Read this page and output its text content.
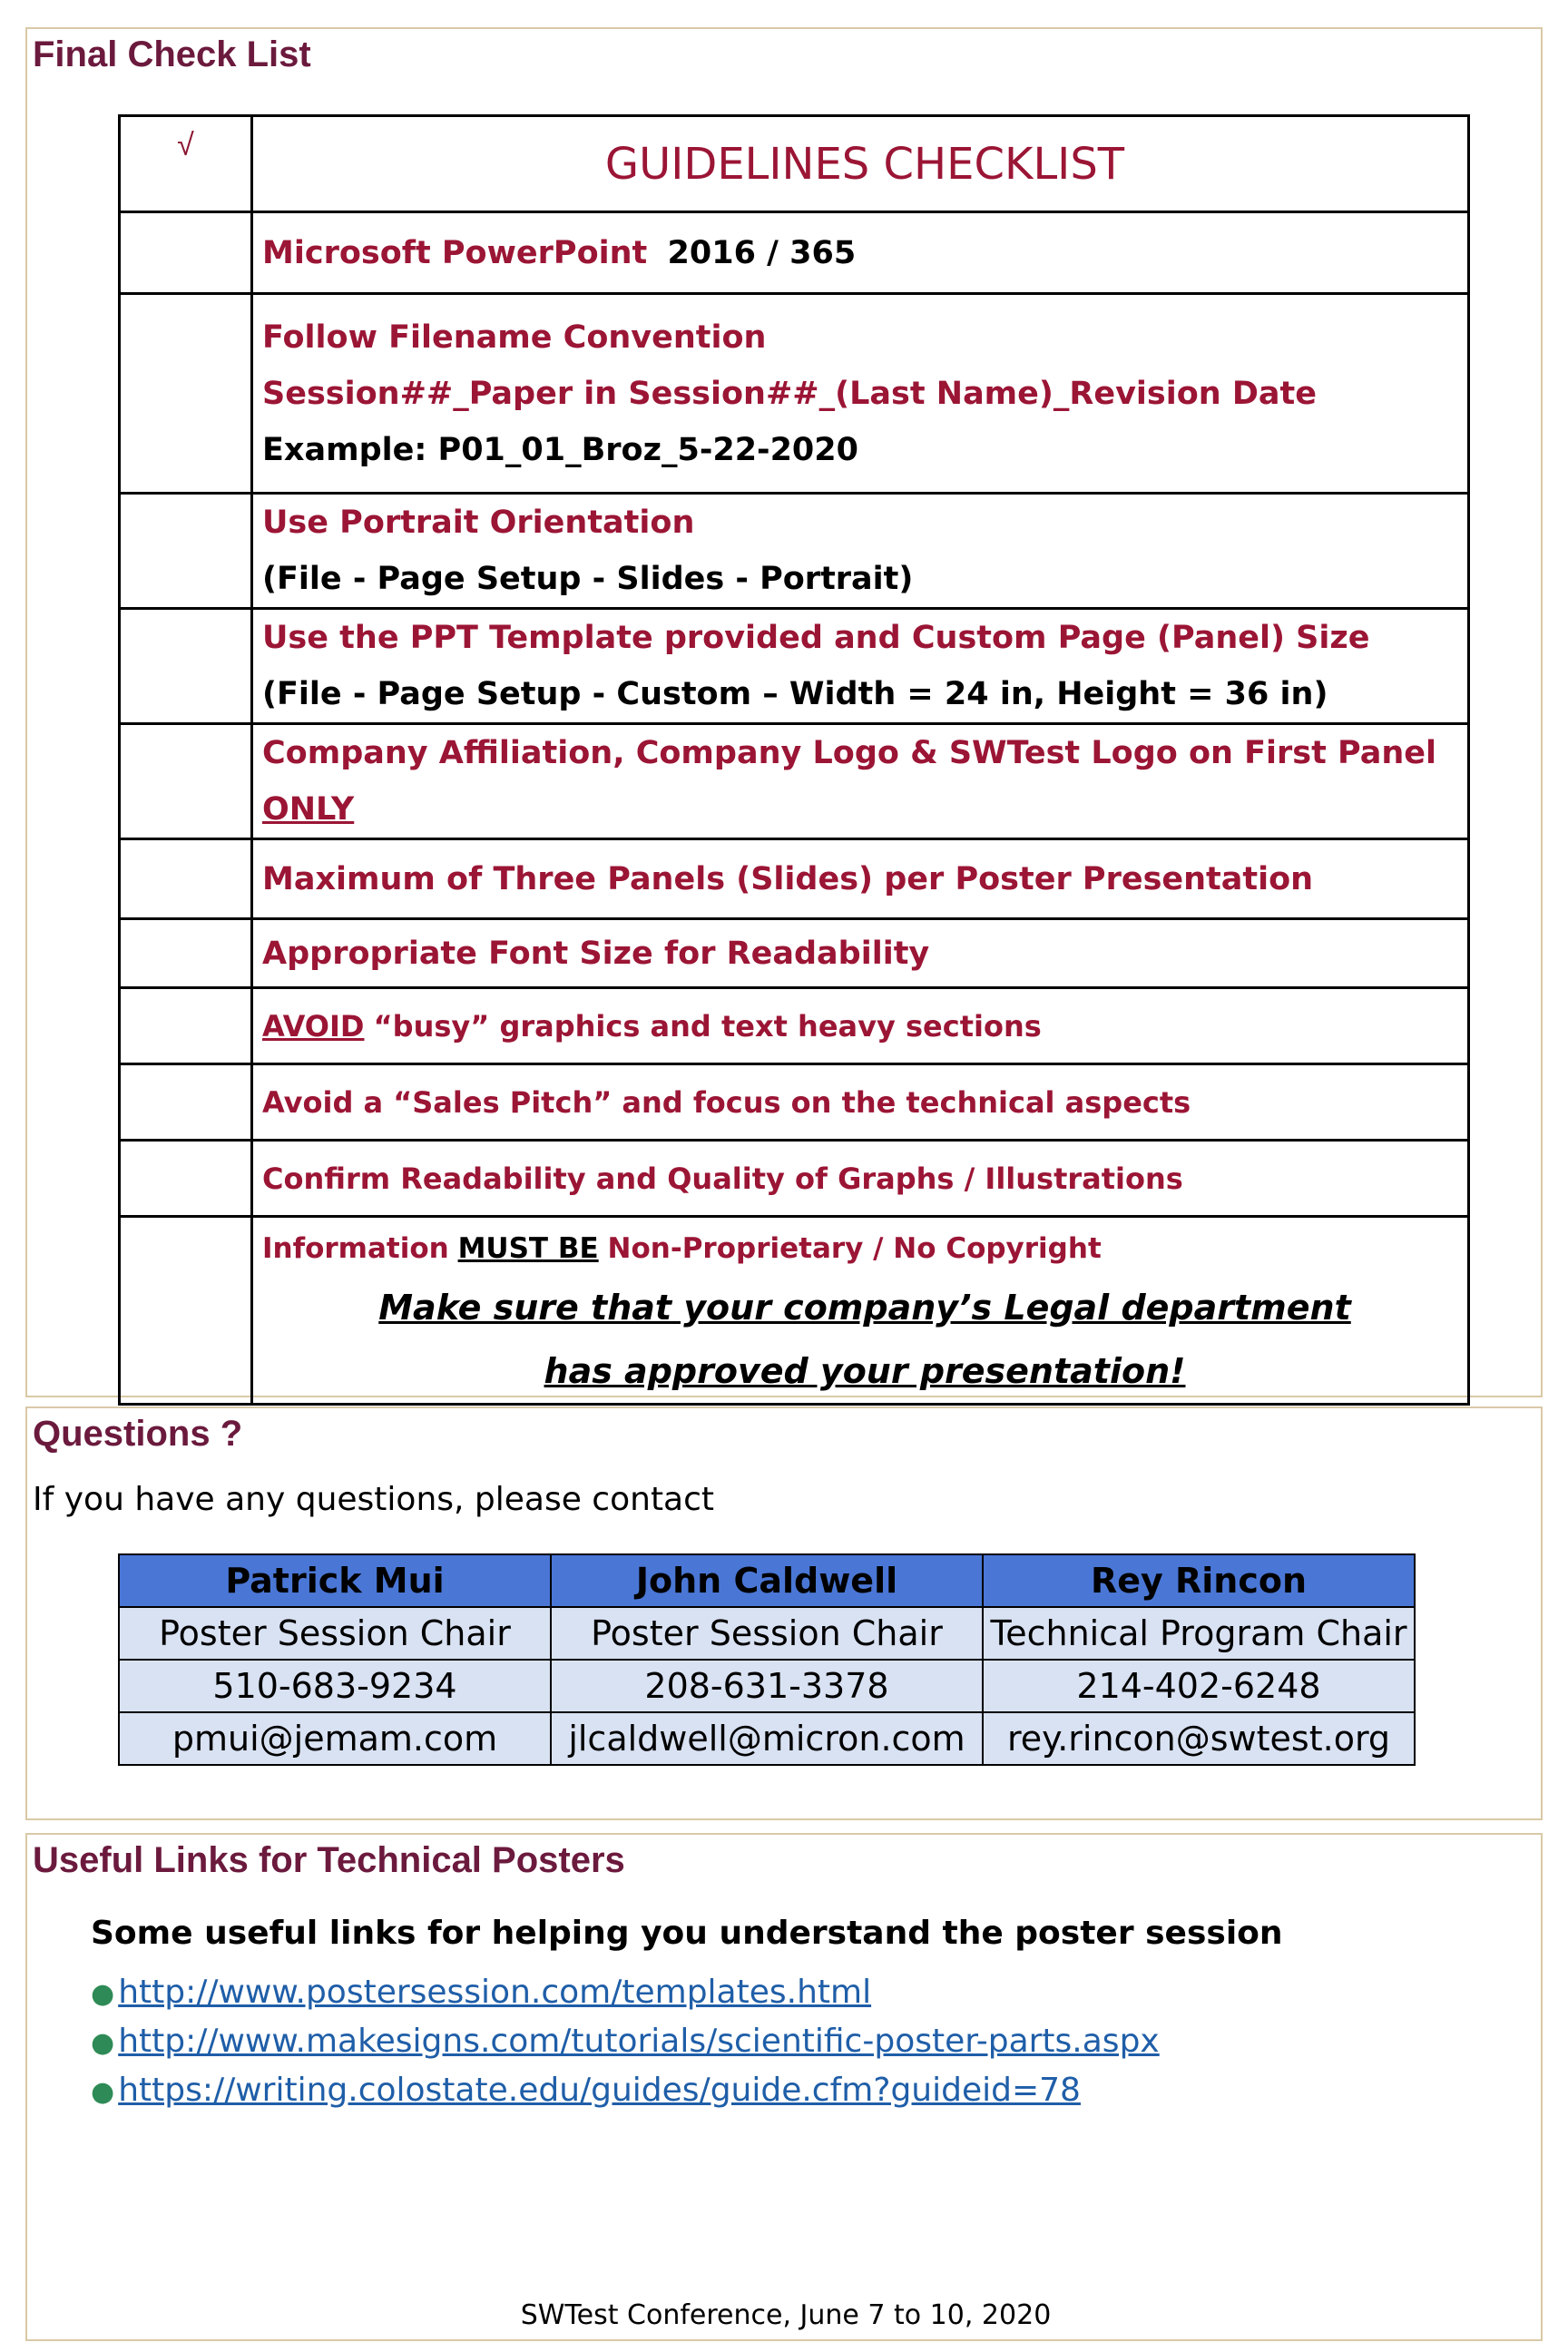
Final Check List
√	GUIDELINES CHECKLIST
	Microsoft PowerPoint 2016 / 365

	Follow Filename Convention
Session##_Paper in Session##_(Last Name)_Revision Date
Example: P01_01_Broz_5-22-2020

	Use Portrait Orientation
(File - Page Setup - Slides - Portrait)

	Use the PPT Template provided and Custom Page (Panel) Size
(File - Page Setup - Custom – Width = 24 in, Height = 36 in)

	Company Affiliation, Company Logo & SWTest Logo on First Panel ONLY
	Maximum of Three Panels (Slides) per Poster Presentation
	Appropriate Font Size for Readability
	AVOID “busy” graphics and text heavy sections
	Avoid a “Sales Pitch” and focus on the technical aspects
	Confirm Readability and Quality of Graphs / Illustrations

	Information MUST BE Non-Proprietary / No Copyright
Make sure that your company’s Legal department
has approved your presentation!
Questions ?
If you have any questions, please contact
Patrick Mui	John Caldwell	Rey Rincon
Poster Session Chair	Poster Session Chair	Technical Program Chair
510-683-9234	208-631-3378	214-402-6248
pmui@jemam.com	jlcaldwell@micron.com	rey.rincon@swtest.org
Useful Links for Technical Posters
Some useful links for helping you understand the poster session
● http://www.postersession.com/templates.html
● http://www.makesigns.com/tutorials/scientific-poster-parts.aspx
● https://writing.colostate.edu/guides/guide.cfm?guideid=78
SWTest Conference, June 7 to 10, 2020
